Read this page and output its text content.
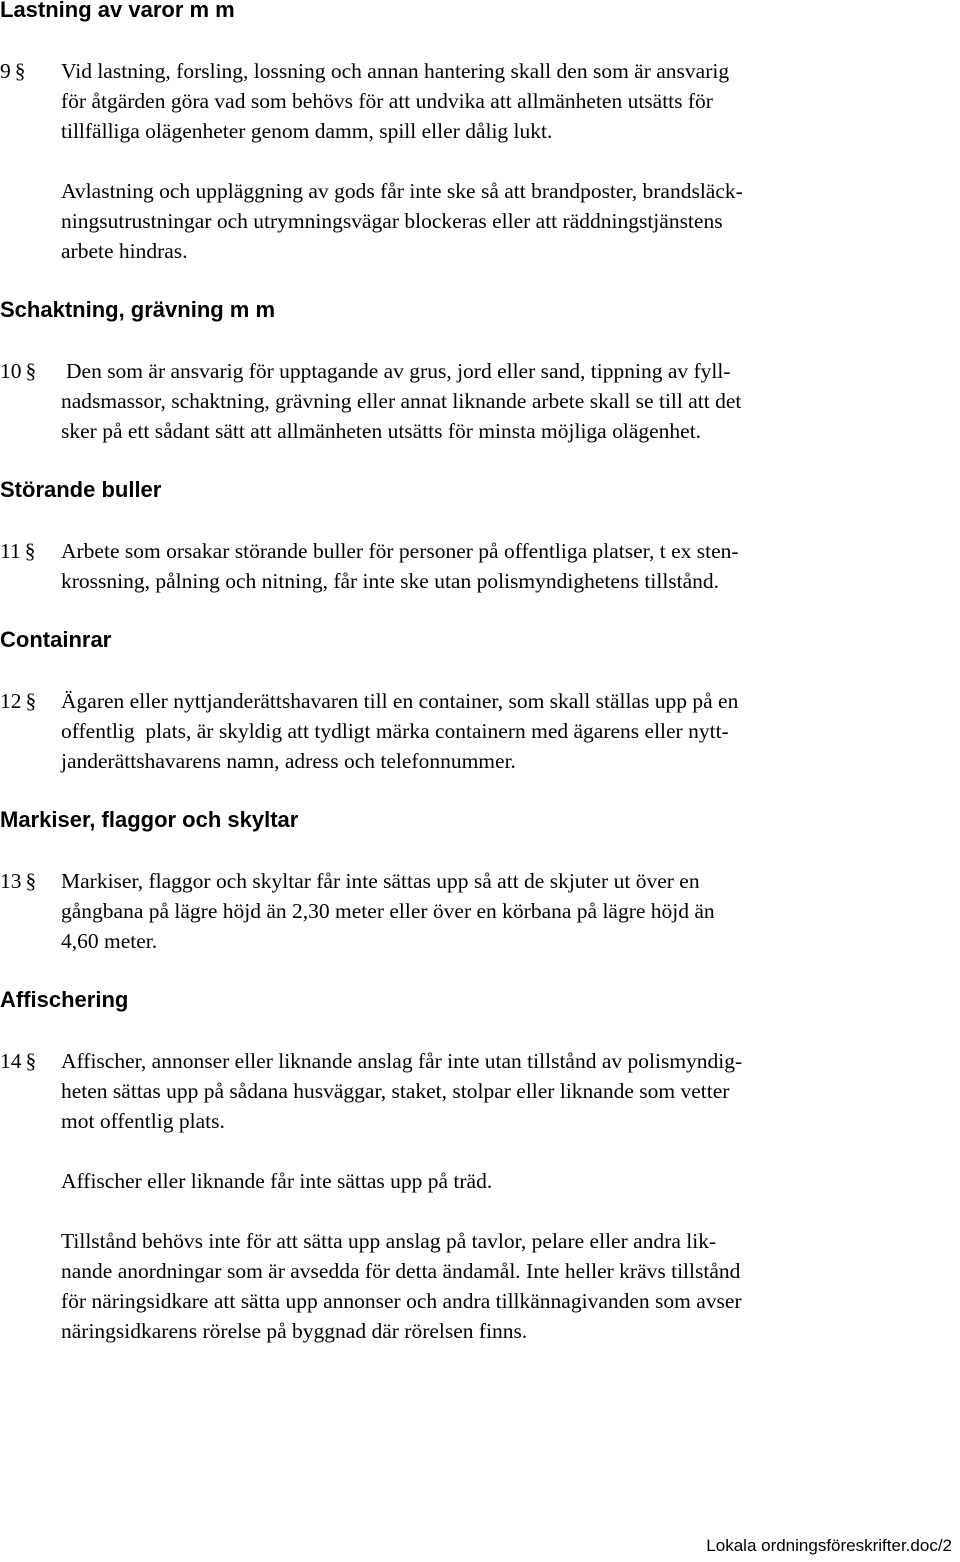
Lastning av varor m m
9 § Vid lastning, forsling, lossning och annan hantering skall den som är ansvarig
för åtgärden göra vad som behövs för att undvika att allmänheten utsätts för
tillfälliga olägenheter genom damm, spill eller dålig lukt.

Avlastning och uppläggning av gods får inte ske så att brandposter, brandsläck-
ningsutrustningar och utrymningsvägar blockeras eller att räddningstjänstens
arbete hindras.

Schaktning, grävning m m
10 § Den som är ansvarig för upptagande av grus, jord eller sand, tippning av fyll-
nadsmassor, schaktning, grävning eller annat liknande arbete skall se till att det
sker på ett sådant sätt att allmänheten utsätts för minsta möjliga olägenhet.

Störande buller
11 § Arbete som orsakar störande buller för personer på offentliga platser, t ex sten-
krossning, pålning och nitning, får inte ske utan polismyndighetens tillstånd.

Containrar
12 § Ägaren eller nyttjanderättshavaren till en container, som skall ställas upp på en
offentlig  plats, är skyldig att tydligt märka containern med ägarens eller nytt-
janderättshavarens namn, adress och telefonnummer.

Markiser, flaggor och skyltar
13 § Markiser, flaggor och skyltar får inte sättas upp så att de skjuter ut över en
gångbana på lägre höjd än 2,30 meter eller över en körbana på lägre höjd än
4,60 meter.

Affischering
14 § Affischer, annonser eller liknande anslag får inte utan tillstånd av polismyndig-
heten sättas upp på sådana husväggar, staket, stolpar eller liknande som vetter
mot offentlig plats.

Affischer eller liknande får inte sättas upp på träd.

Tillstånd behövs inte för att sätta upp anslag på tavlor, pelare eller andra lik-
nande anordningar som är avsedda för detta ändamål. Inte heller krävs tillstånd
för näringsidkare att sätta upp annonser och andra tillkännagivanden som avser
näringsidkarens rörelse på byggnad där rörelsen finns.

Lokala ordningsföreskrifter.doc/2
